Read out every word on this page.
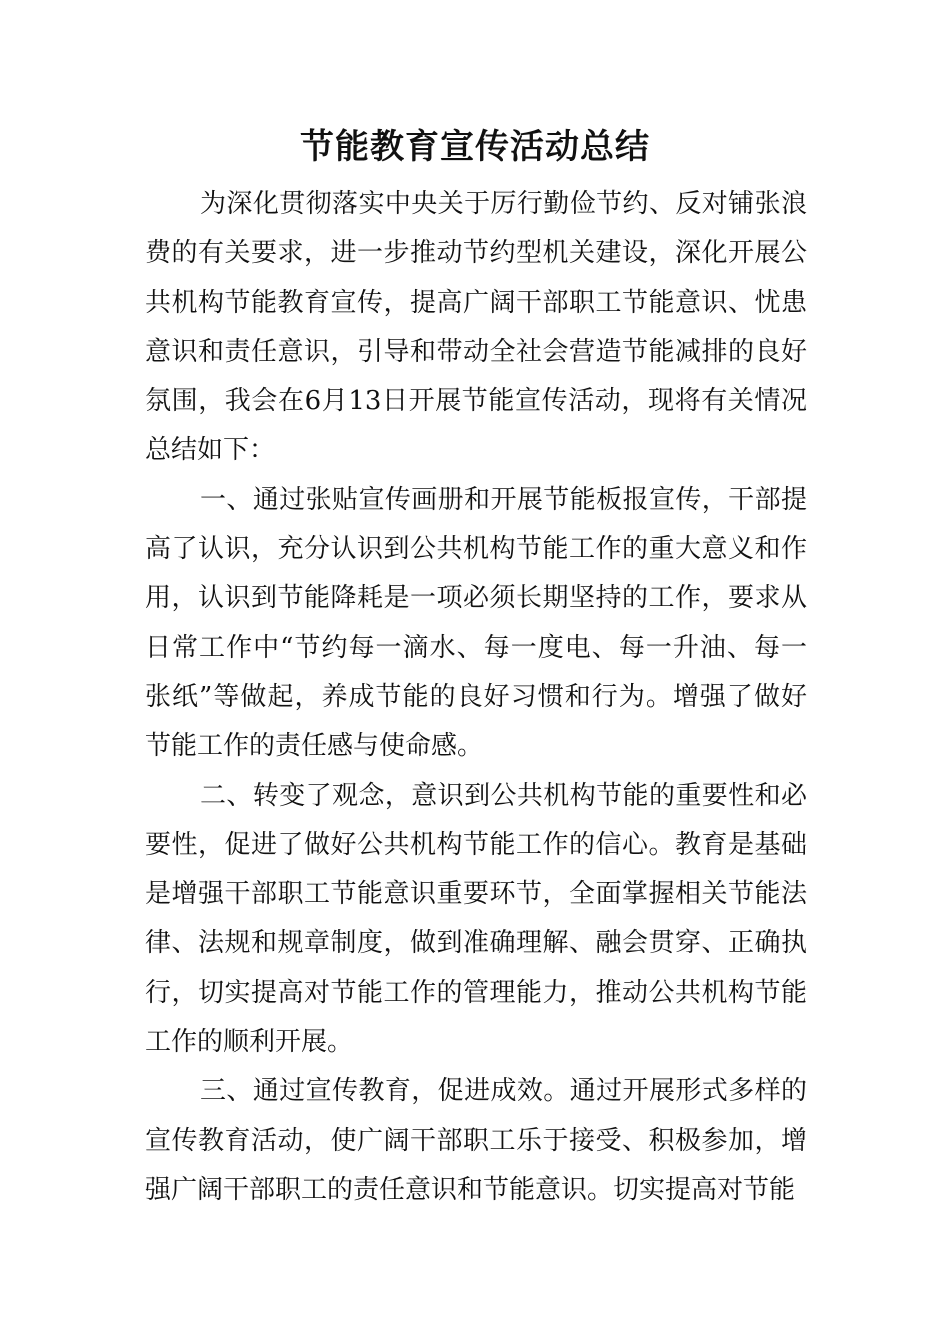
节能教育宣传活动总结

为深化贯彻落实中央关于厉行勤俭节约、反对铺张浪费的有关要求，进一步推动节约型机关建设，深化开展公共机构节能教育宣传，提高广阔干部职工节能意识、忧患意识和责任意识，引导和带动全社会营造节能减排的良好氛围，我会在6月13日开展节能宣传活动，现将有关情况总结如下：

一、通过张贴宣传画册和开展节能板报宣传，干部提高了认识，充分认识到公共机构节能工作的重大意义和作用，认识到节能降耗是一项必须长期坚持的工作，要求从日常工作中“节约每一滴水、每一度电、每一升油、每一张纸”等做起，养成节能的良好习惯和行为。增强了做好节能工作的责任感与使命感。

二、转变了观念，意识到公共机构节能的重要性和必要性，促进了做好公共机构节能工作的信心。教育是基础是增强干部职工节能意识重要环节，全面掌握相关节能法律、法规和规章制度，做到准确理解、融会贯穿、正确执行，切实提高对节能工作的管理能力，推动公共机构节能工作的顺利开展。

三、通过宣传教育，促进成效。通过开展形式多样的宣传教育活动，使广阔干部职工乐于接受、积极参加，增强广阔干部职工的责任意识和节能意识。切实提高对节能
